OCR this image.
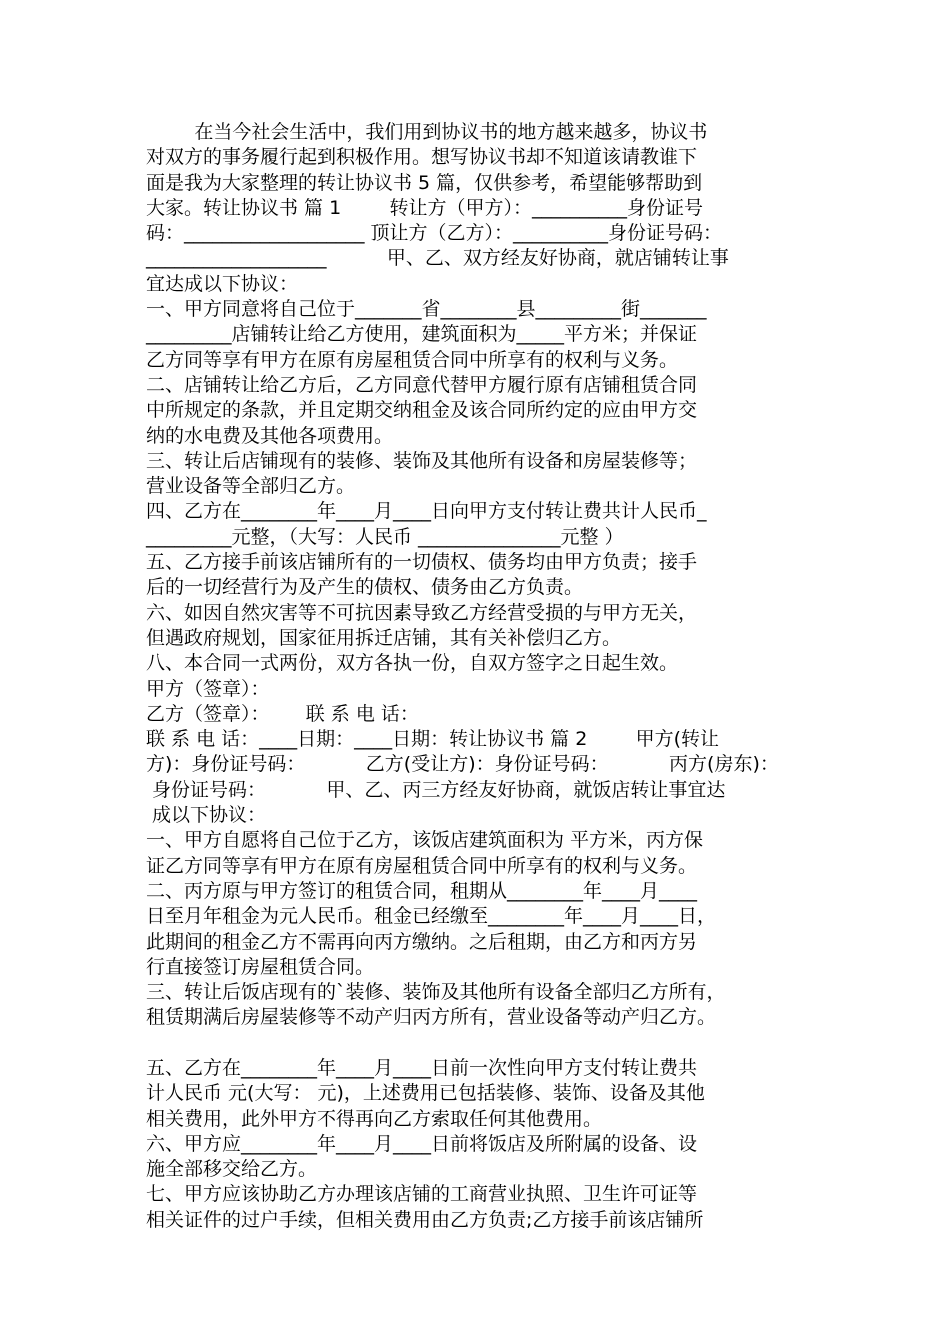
在当今社会生活中，我们用到协议书的地方越来越多，协议书
对双方的事务履行起到积极作用。想写协议书却不知道该请教谁下
面是我为大家整理的转让协议书 5 篇，仅供参考，希望能够帮助到
大家。转让协议书 篇 1        转让方（甲方）：__________身份证号
码：___________________ 顶让方（乙方）：__________身份证号码：
___________________          甲、乙、双方经友好协商，就店铺转让事
宜达成以下协议：
一、甲方同意将自己位于_______省________县_________街_______
_________店铺转让给乙方使用，建筑面积为_____平方米；并保证
乙方同等享有甲方在原有房屋租赁合同中所享有的权利与义务。
二、店铺转让给乙方后，乙方同意代替甲方履行原有店铺租赁合同
中所规定的条款，并且定期交纳租金及该合同所约定的应由甲方交
纳的水电费及其他各项费用。
三、转让后店铺现有的装修、装饰及其他所有设备和房屋装修等；
营业设备等全部归乙方。
四、乙方在________年____月____日向甲方支付转让费共计人民币_
_________元整，（大写：人民币 _______________元整 ）
五、乙方接手前该店铺所有的一切债权、债务均由甲方负责；接手
后的一切经营行为及产生的债权、债务由乙方负责。
六、如因自然灾害等不可抗因素导致乙方经营受损的与甲方无关，
但遇政府规划，国家征用拆迁店铺，其有关补偿归乙方。
八、本合同一式两份，双方各执一份，自双方签字之日起生效。
甲方（签章）：
乙方（签章）：      联 系 电 话：
联 系 电 话：____日期：____日期：转让协议书 篇 2        甲方(转让
方)：身份证号码：          乙方(受让方)：身份证号码：          丙方(房东)：
身份证号码：          甲、乙、丙三方经友好协商，就饭店转让事宜达
成以下协议：
一、甲方自愿将自己位于乙方，该饭店建筑面积为 平方米，丙方保
证乙方同等享有甲方在原有房屋租赁合同中所享有的权利与义务。
二、丙方原与甲方签订的租赁合同，租期从________年____月____
日至月年租金为元人民币。租金已经缴至________年____月____日，
此期间的租金乙方不需再向丙方缴纳。之后租期，由乙方和丙方另
行直接签订房屋租赁合同。
三、转让后饭店现有的`装修、装饰及其他所有设备全部归乙方所有，
租赁期满后房屋装修等不动产归丙方所有，营业设备等动产归乙方。
五、乙方在________年____月____日前一次性向甲方支付转让费共
计人民币 元(大写： 元)，上述费用已包括装修、装饰、设备及其他
相关费用，此外甲方不得再向乙方索取任何其他费用。
六、甲方应________年____月____日前将饭店及所附属的设备、设
施全部移交给乙方。
七、甲方应该协助乙方办理该店铺的工商营业执照、卫生许可证等
相关证件的过户手续，但相关费用由乙方负责;乙方接手前该店铺所
